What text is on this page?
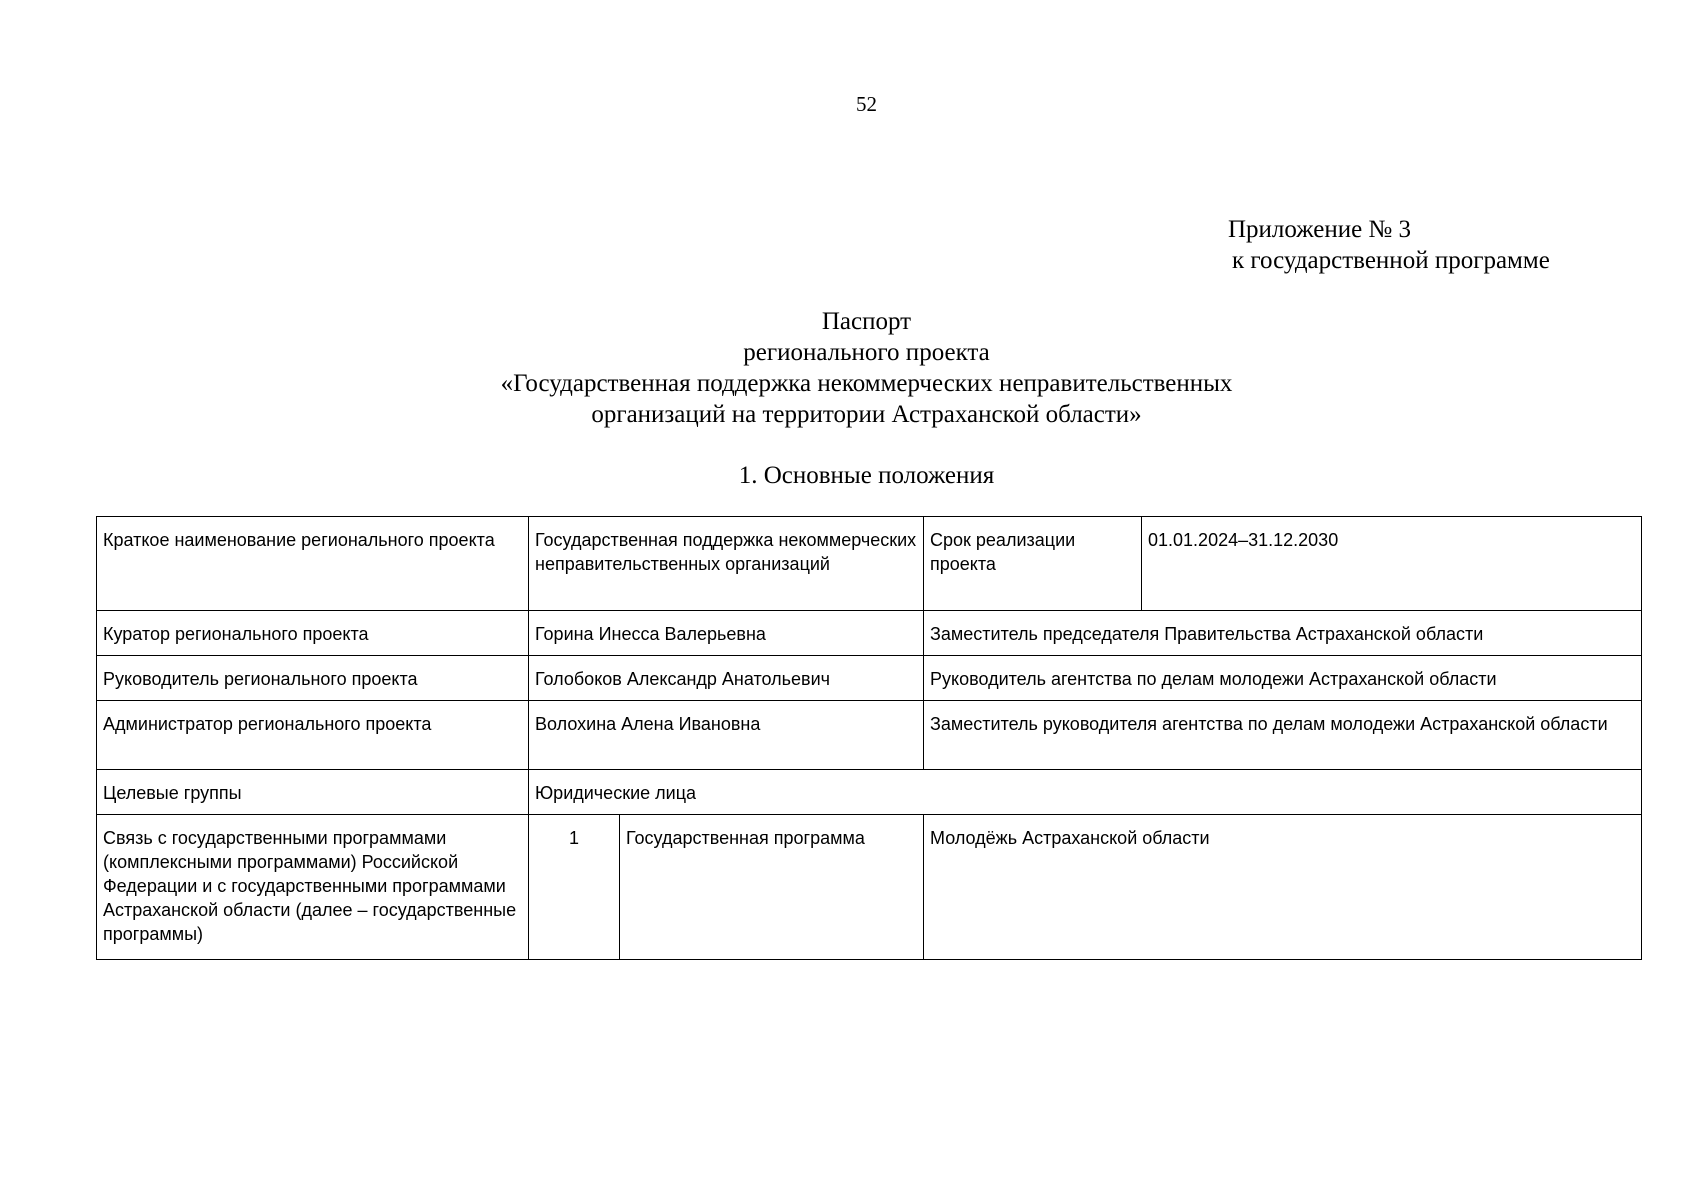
52
Приложение № 3
к государственной программе
Паспорт
регионального проекта
«Государственная поддержка некоммерческих неправительственных
организаций на территории Астраханской области»
1. Основные положения
Краткое наименование регионального проекта	Государственная поддержка некоммерческих неправительственных организаций		Срок реализации проекта	01.01.2024–31.12.2030
Куратор регионального проекта	Горина Инесса Валерьевна		Заместитель председателя Правительства Астраханской области	
Руководитель регионального проекта	Голобоков Александр Анатольевич		Руководитель агентства по делам молодежи Астраханской области	
Администратор регионального проекта	Волохина Алена Ивановна		Заместитель руководителя агентства по делам молодежи Астраханской области	
Целевые группы	Юридические лица			
Связь с государственными программами (комплексными программами) Российской Федерации и с государственными программами Астраханской области (далее – государственные программы)	1	Государственная программа	Молодёжь Астраханской области	
